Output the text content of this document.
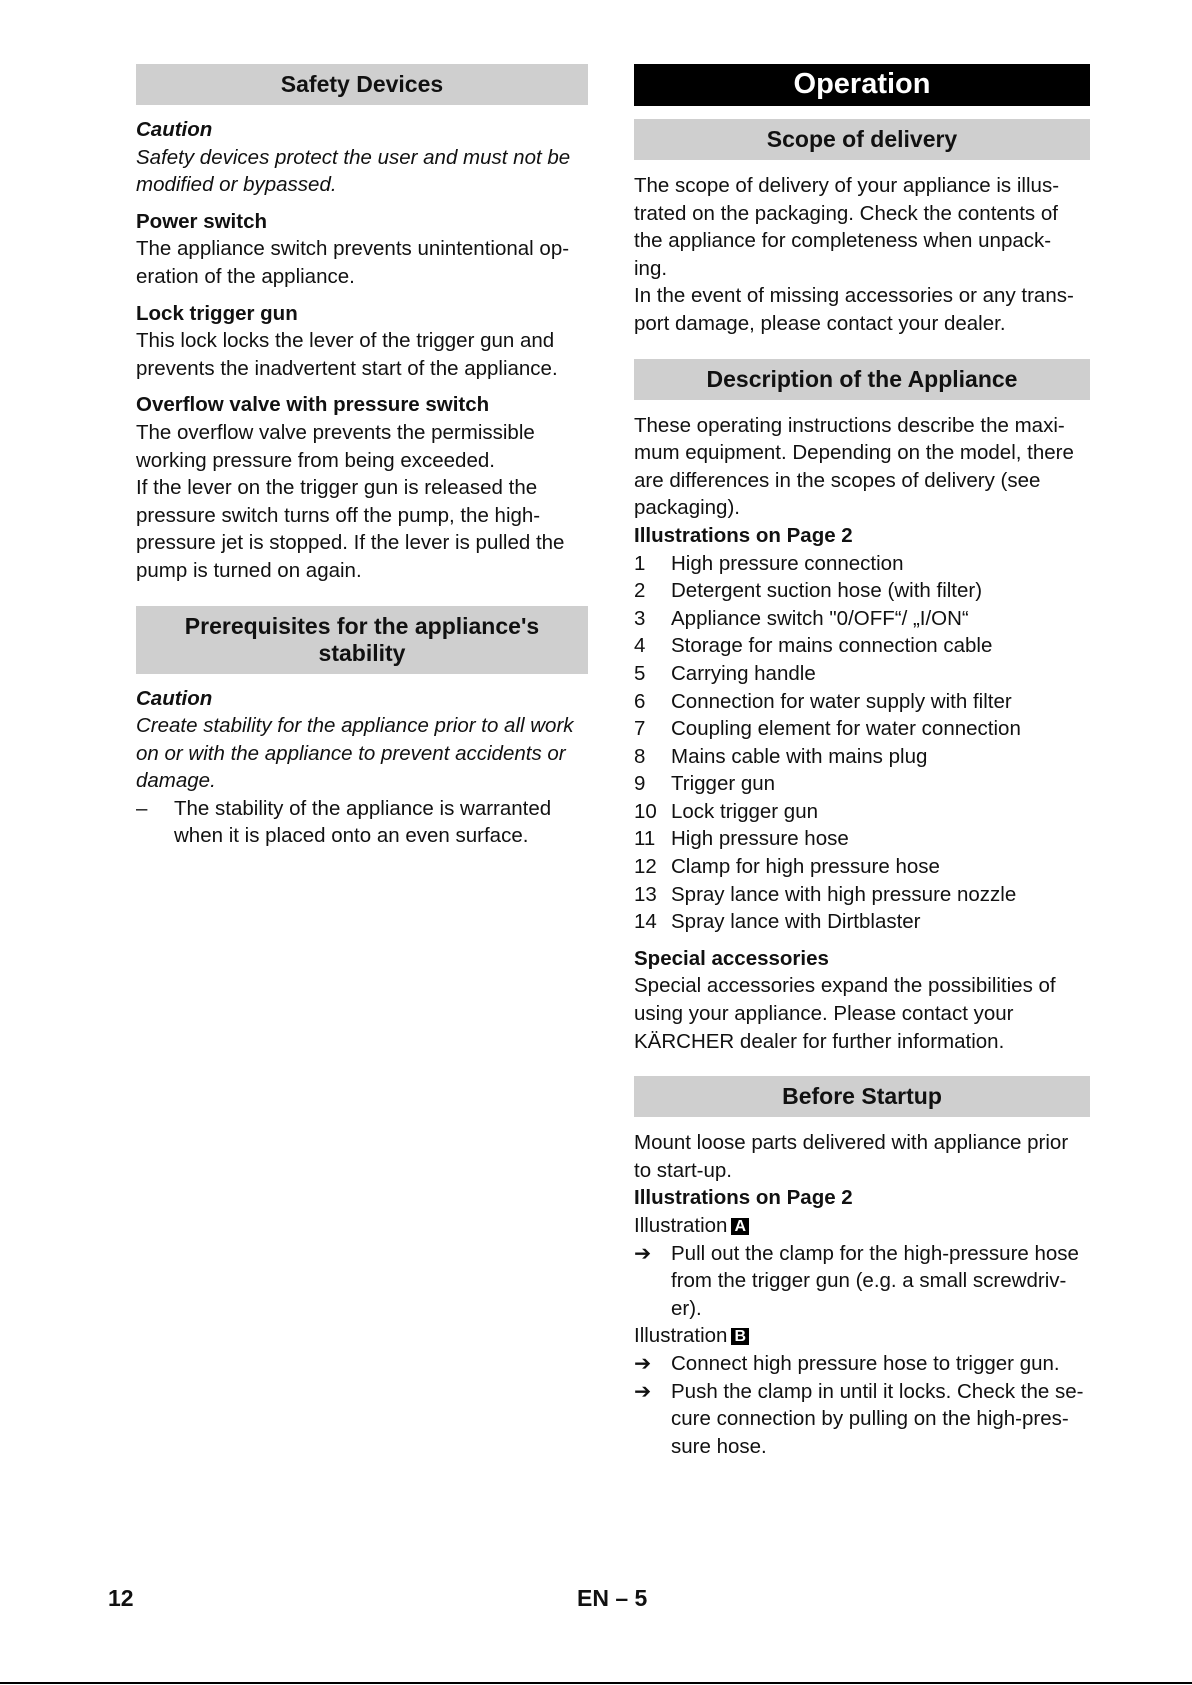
Safety Devices

Caution

Safety devices protect the user and must not be
modified or bypassed.

Power switch

The appliance switch prevents unintentional op-
eration of the appliance.

Lock trigger gun

This lock locks the lever of the trigger gun and
prevents the inadvertent start of the appliance.

Overflow valve with pressure switch

The overflow valve prevents the permissible
working pressure from being exceeded.
If the lever on the trigger gun is released the
pressure switch turns off the pump, the high-
pressure jet is stopped. If the lever is pulled the
pump is turned on again.

Prerequisites for the appliance's
stability

Caution

Create stability for the appliance prior to all work
on or with the appliance to prevent accidents or
damage.

–	The stability of the appliance is warranted
when it is placed onto an even surface.
Operation
Scope of delivery

The scope of delivery of your appliance is illus-
trated on the packaging. Check the contents of
the appliance for completeness when unpack-
ing.
In the event of missing accessories or any trans-
port damage, please contact your dealer.

Description of the Appliance

These operating instructions describe the maxi-
mum equipment. Depending on the model, there
are differences in the scopes of delivery (see
packaging).

Illustrations on Page 2

1	High pressure connection
2	Detergent suction hose (with filter)
3	Appliance switch "0/OFF“/ „I/ON“
4	Storage for mains connection cable
5	Carrying handle
6	Connection for water supply with filter
7	Coupling element for water connection
8	Mains cable with mains plug
9	Trigger gun
10 Lock trigger gun
11 High pressure hose
12 Clamp for high pressure hose
13 Spray lance with high pressure nozzle
14 Spray lance with Dirtblaster

Special accessories

Special accessories expand the possibilities of
using your appliance. Please contact your
KÄRCHER dealer for further information.

Before Startup

Mount loose parts delivered with appliance prior
to start-up.

Illustrations on Page 2

Illustration A

➔ Pull out the clamp for the high-pressure hose
from the trigger gun (e.g. a small screwdriv-
er).

Illustration B

➔ Connect high pressure hose to trigger gun.
➔ Push the clamp in until it locks. Check the se-
cure connection by pulling on the high-pres-
sure hose.
12	EN – 5
